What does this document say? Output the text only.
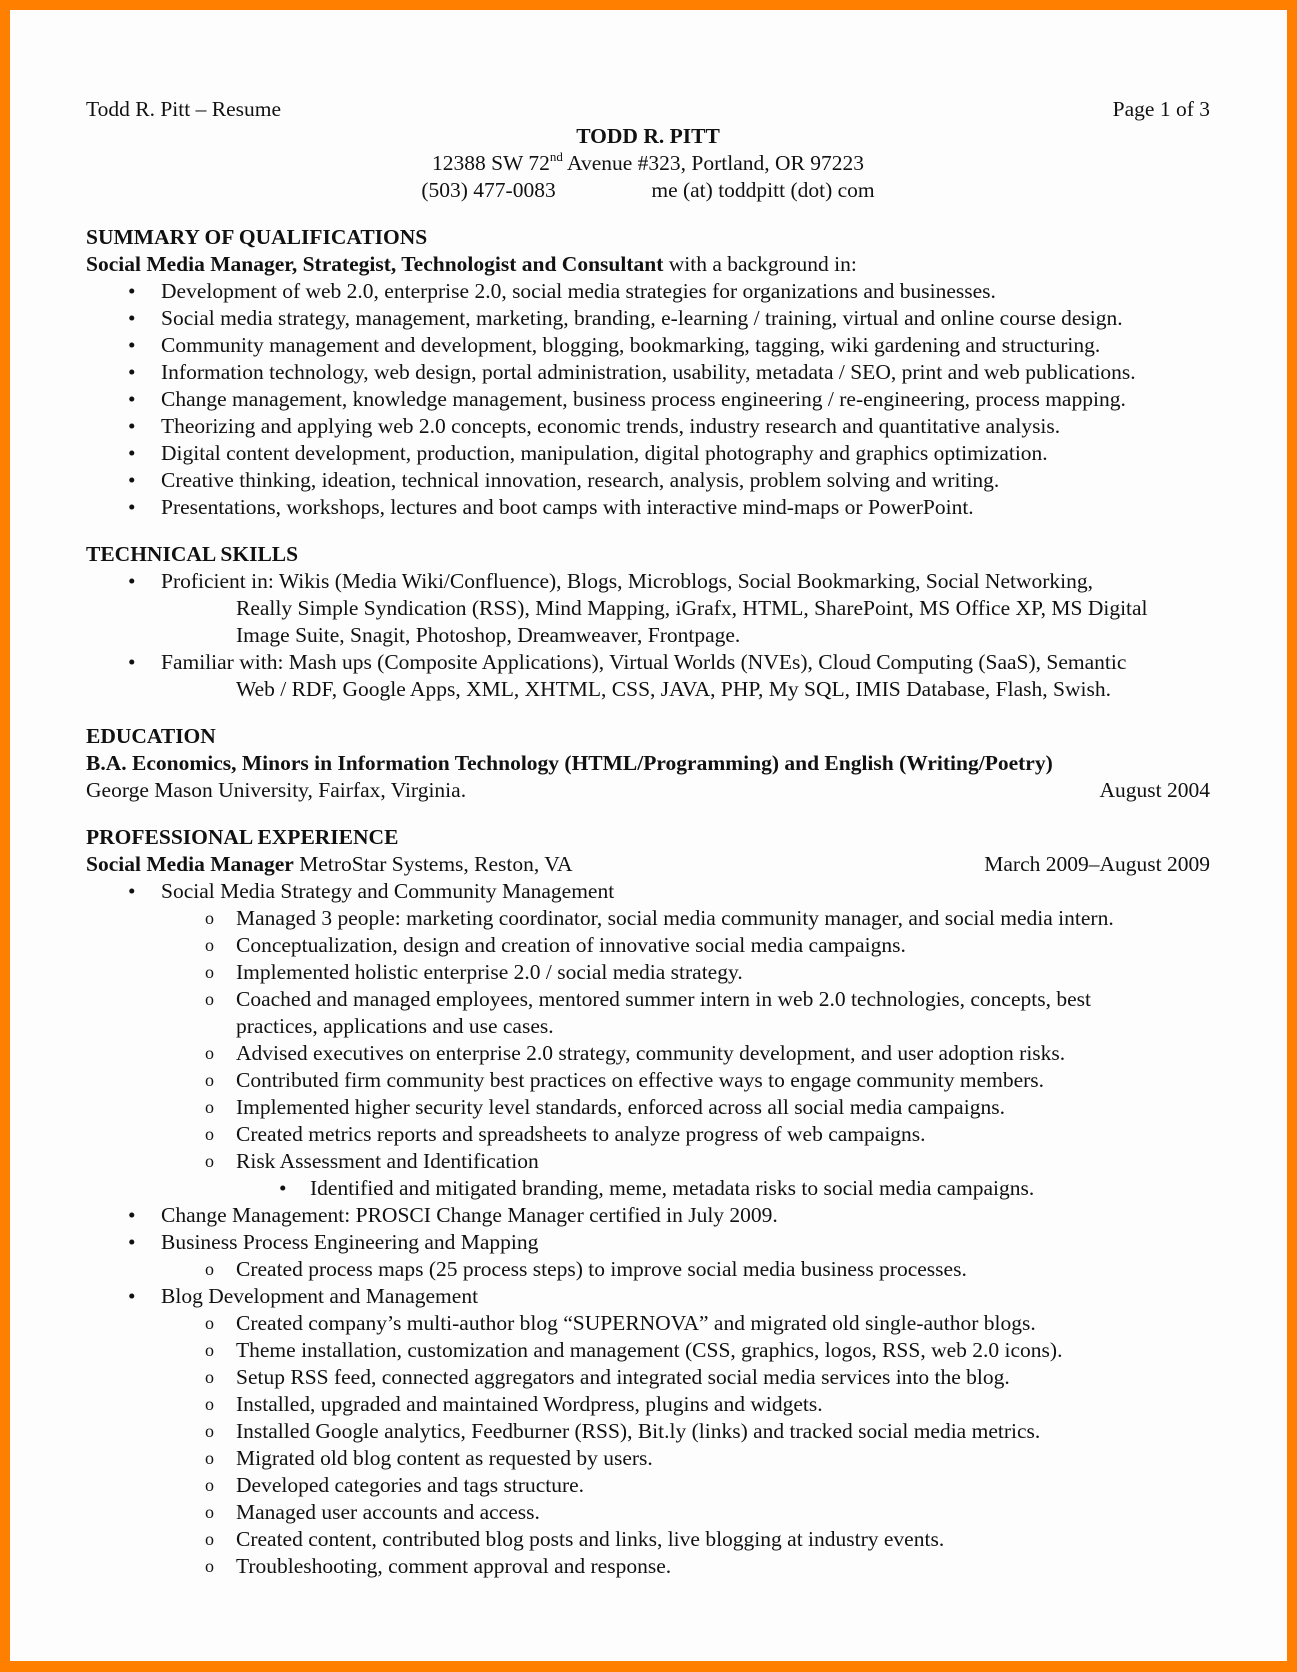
Todd R. Pitt – Resume	Page 1 of 3
TODD R. PITT
12388 SW 72nd Avenue #323, Portland, OR 97223
(503) 477-0083	me (at) toddpitt (dot) com
SUMMARY OF QUALIFICATIONS
Social Media Manager, Strategist, Technologist and Consultant with a background in:
• Development of web 2.0, enterprise 2.0, social media strategies for organizations and businesses.
• Social media strategy, management, marketing, branding, e-learning / training, virtual and online course design.
• Community management and development, blogging, bookmarking, tagging, wiki gardening and structuring.
• Information technology, web design, portal administration, usability, metadata / SEO, print and web publications.
• Change management, knowledge management, business process engineering / re-engineering, process mapping.
• Theorizing and applying web 2.0 concepts, economic trends, industry research and quantitative analysis.
• Digital content development, production, manipulation, digital photography and graphics optimization.
• Creative thinking, ideation, technical innovation, research, analysis, problem solving and writing.
• Presentations, workshops, lectures and boot camps with interactive mind-maps or PowerPoint.
TECHNICAL SKILLS
• Proficient in: Wikis (Media Wiki/Confluence), Blogs, Microblogs, Social Bookmarking, Social Networking,
Really Simple Syndication (RSS), Mind Mapping, iGrafx, HTML, SharePoint, MS Office XP, MS Digital
Image Suite, Snagit, Photoshop, Dreamweaver, Frontpage.
• Familiar with: Mash ups (Composite Applications), Virtual Worlds (NVEs), Cloud Computing (SaaS), Semantic
Web / RDF, Google Apps, XML, XHTML, CSS, JAVA, PHP, My SQL, IMIS Database, Flash, Swish.
EDUCATION
B.A. Economics, Minors in Information Technology (HTML/Programming) and English (Writing/Poetry)
George Mason University, Fairfax, Virginia.	August 2004
PROFESSIONAL EXPERIENCE
Social Media Manager MetroStar Systems, Reston, VA	March 2009–August 2009
• Social Media Strategy and Community Management
o Managed 3 people: marketing coordinator, social media community manager, and social media intern.
o Conceptualization, design and creation of innovative social media campaigns.
o Implemented holistic enterprise 2.0 / social media strategy.
o Coached and managed employees, mentored summer intern in web 2.0 technologies, concepts, best
practices, applications and use cases.
o Advised executives on enterprise 2.0 strategy, community development, and user adoption risks.
o Contributed firm community best practices on effective ways to engage community members.
o Implemented higher security level standards, enforced across all social media campaigns.
o Created metrics reports and spreadsheets to analyze progress of web campaigns.
o Risk Assessment and Identification
• Identified and mitigated branding, meme, metadata risks to social media campaigns.
• Change Management: PROSCI Change Manager certified in July 2009.
• Business Process Engineering and Mapping
o Created process maps (25 process steps) to improve social media business processes.
• Blog Development and Management
o Created company’s multi-author blog “SUPERNOVA” and migrated old single-author blogs.
o Theme installation, customization and management (CSS, graphics, logos, RSS, web 2.0 icons).
o Setup RSS feed, connected aggregators and integrated social media services into the blog.
o Installed, upgraded and maintained Wordpress, plugins and widgets.
o Installed Google analytics, Feedburner (RSS), Bit.ly (links) and tracked social media metrics.
o Migrated old blog content as requested by users.
o Developed categories and tags structure.
o Managed user accounts and access.
o Created content, contributed blog posts and links, live blogging at industry events.
o Troubleshooting, comment approval and response.
